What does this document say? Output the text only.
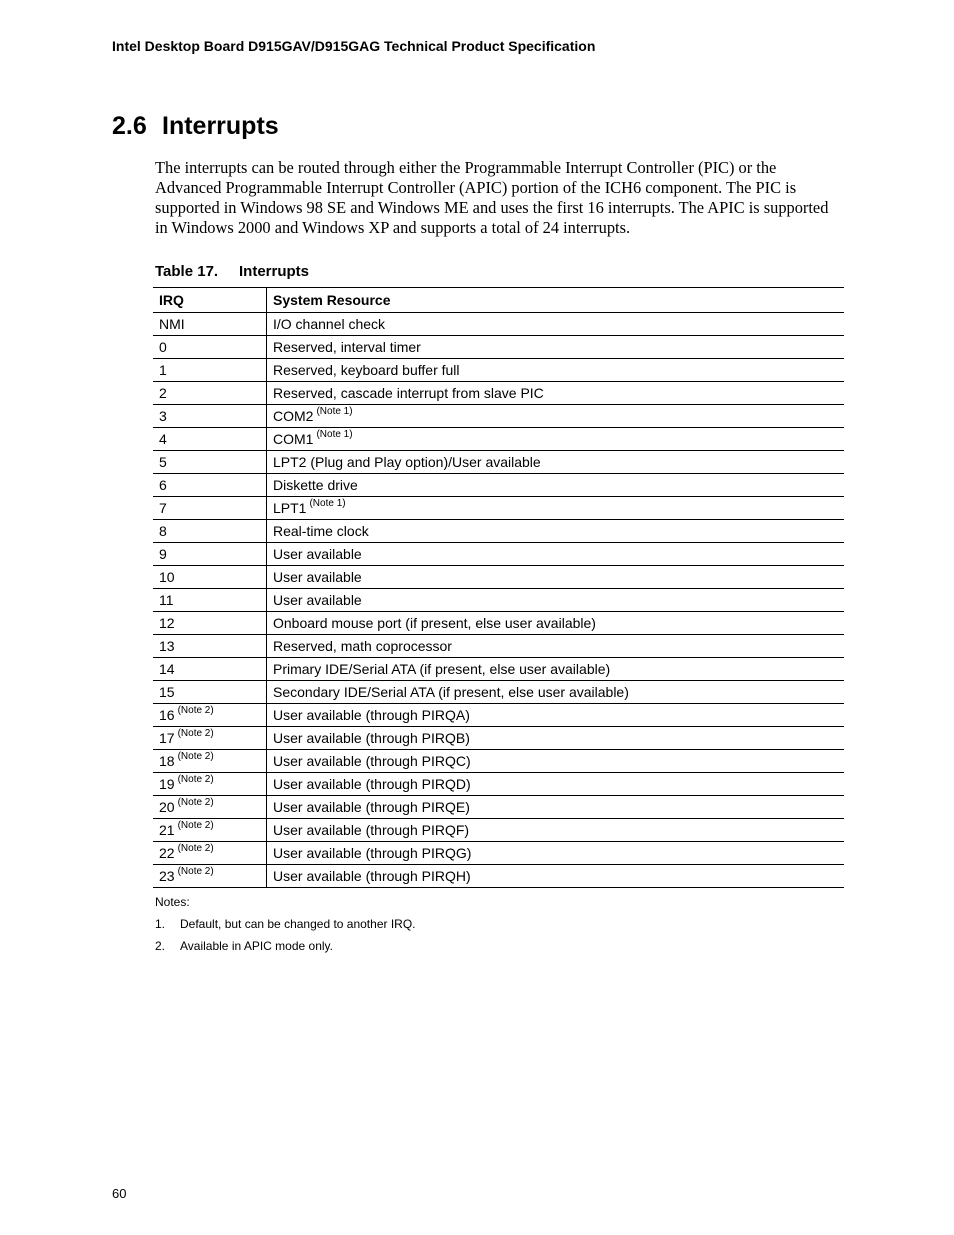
Intel Desktop Board D915GAV/D915GAG Technical Product Specification
2.6 Interrupts

The interrupts can be routed through either the Programmable Interrupt Controller (PIC) or the Advanced Programmable Interrupt Controller (APIC) portion of the ICH6 component. The PIC is supported in Windows 98 SE and Windows ME and uses the first 16 interrupts. The APIC is supported in Windows 2000 and Windows XP and supports a total of 24 interrupts.

Table 17. Interrupts
IRQ	System Resource
NMI	I/O channel check
0	Reserved, interval timer
1	Reserved, keyboard buffer full
2	Reserved, cascade interrupt from slave PIC
3	COM2 $^{(Note 1)}$
4	COM1 $^{(Note 1)}$
5	LPT2 (Plug and Play option)/User available
6	Diskette drive
7	LPT1 $^{(Note 1)}$
8	Real-time clock
9	User available
10	User available
11	User available
12	Onboard mouse port (if present, else user available)
13	Reserved, math coprocessor
14	Primary IDE/Serial ATA (if present, else user available)
15	Secondary IDE/Serial ATA (if present, else user available)
16 $^{(Note 2)}$	User available (through PIRQA)
17 $^{(Note 2)}$	User available (through PIRQB)
18 $^{(Note 2)}$	User available (through PIRQC)
19 $^{(Note 2)}$	User available (through PIRQD)
20 $^{(Note 2)}$	User available (through PIRQE)
21 $^{(Note 2)}$	User available (through PIRQF)
22 $^{(Note 2)}$	User available (through PIRQG)
23 $^{(Note 2)}$	User available (through PIRQH)
Notes:
1. Default, but can be changed to another IRQ.
2. Available in APIC mode only.
60
